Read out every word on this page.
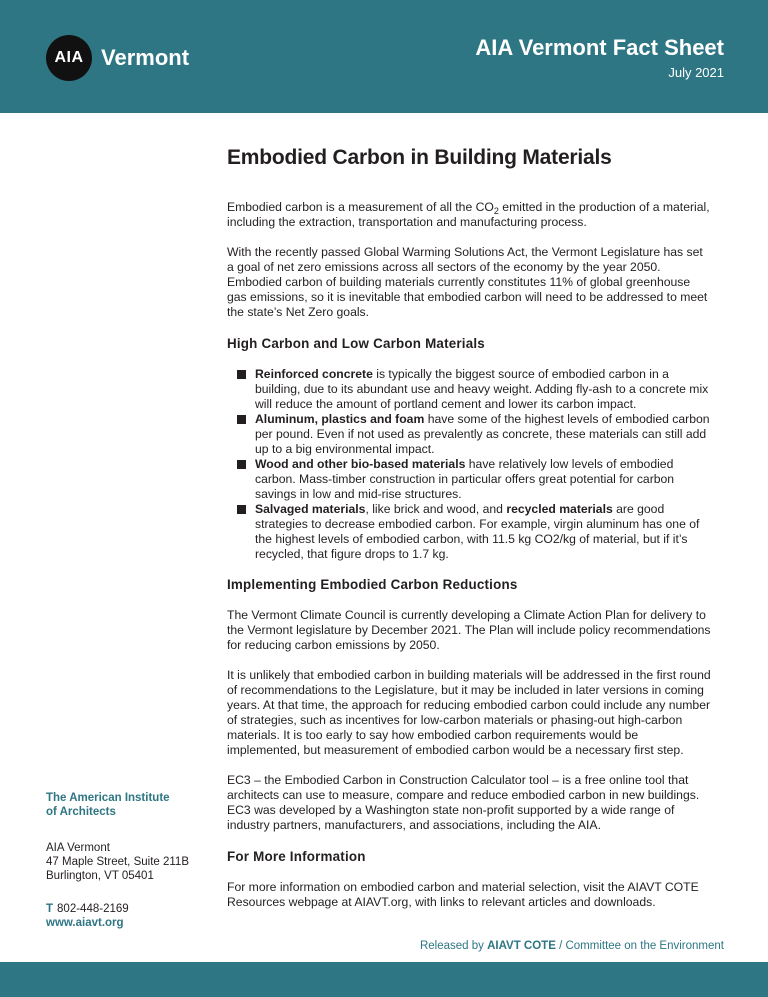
AIA Vermont	AIA Vermont Fact Sheet
July 2021
Embodied Carbon in Building Materials

Embodied carbon is a measurement of all the $CO_2$ emitted in the production of a material, including the extraction, transportation and manufacturing process.

With the recently passed Global Warming Solutions Act, the Vermont Legislature has set a goal of net zero emissions across all sectors of the economy by the year 2050. Embodied carbon of building materials currently constitutes 11% of global greenhouse gas emissions, so it is inevitable that embodied carbon will need to be addressed to meet the state’s Net Zero goals.

High Carbon and Low Carbon Materials
Reinforced concrete is typically the biggest source of embodied carbon in a building, due to its abundant use and heavy weight. Adding fly-ash to a concrete mix will reduce the amount of portland cement and lower its carbon impact.
Aluminum, plastics and foam have some of the highest levels of embodied carbon per pound. Even if not used as prevalently as concrete, these materials can still add up to a big environmental impact.
Wood and other bio-based materials have relatively low levels of embodied carbon. Mass-timber construction in particular offers great potential for carbon savings in low and mid-rise structures.
Salvaged materials, like brick and wood, and recycled materials are good strategies to decrease embodied carbon. For example, virgin aluminum has one of the highest levels of embodied carbon, with 11.5 kg CO2/kg of material, but if it’s recycled, that figure drops to 1.7 kg.
Implementing Embodied Carbon Reductions

The Vermont Climate Council is currently developing a Climate Action Plan for delivery to the Vermont legislature by December 2021. The Plan will include policy recommendations for reducing carbon emissions by 2050.

It is unlikely that embodied carbon in building materials will be addressed in the first round of recommendations to the Legislature, but it may be included in later versions in coming years. At that time, the approach for reducing embodied carbon could include any number of strategies, such as incentives for low-carbon materials or phasing-out high-carbon materials. It is too early to say how embodied carbon requirements would be implemented, but measurement of embodied carbon would be a necessary first step.

EC3 – the Embodied Carbon in Construction Calculator tool – is a free online tool that architects can use to measure, compare and reduce embodied carbon in new buildings. EC3 was developed by a Washington state non-profit supported by a wide range of industry partners, manufacturers, and associations, including the AIA.

For More Information

For more information on embodied carbon and material selection, visit the AIAVT COTE Resources webpage at AIAVT.org, with links to relevant articles and downloads.

The American Institute
of Architects
AIA Vermont
47 Maple Street, Suite 211B
Burlington, VT 05401
T 802-448-2169
www.aiavt.org
Released by AIAVT COTE / Committee on the Environment
